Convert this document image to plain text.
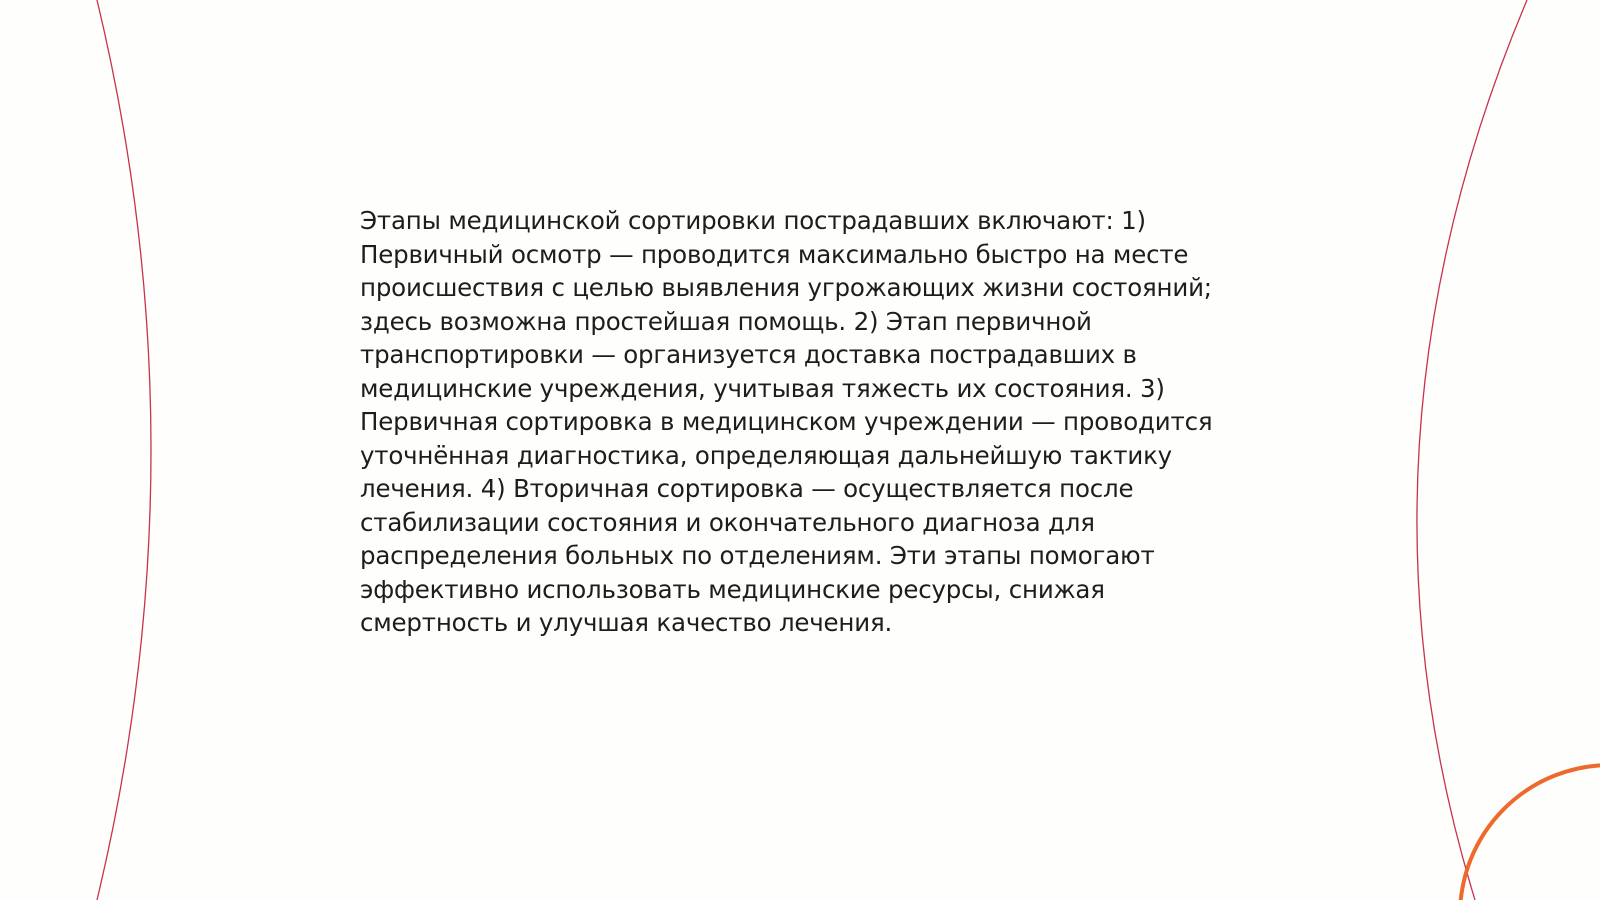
Этапы медицинской сортировки пострадавших включают: 1) Первичный осмотр — проводится максимально быстро на месте происшествия с целью выявления угрожающих жизни состояний; здесь возможна простейшая помощь. 2) Этап первичной транспортировки — организуется доставка пострадавших в медицинские учреждения, учитывая тяжесть их состояния. 3) Первичная сортировка в медицинском учреждении — проводится уточнённая диагностика, определяющая дальнейшую тактику лечения. 4) Вторичная сортировка — осуществляется после стабилизации состояния и окончательного диагноза для распределения больных по отделениям. Эти этапы помогают эффективно использовать медицинские ресурсы, снижая смертность и улучшая качество лечения.
